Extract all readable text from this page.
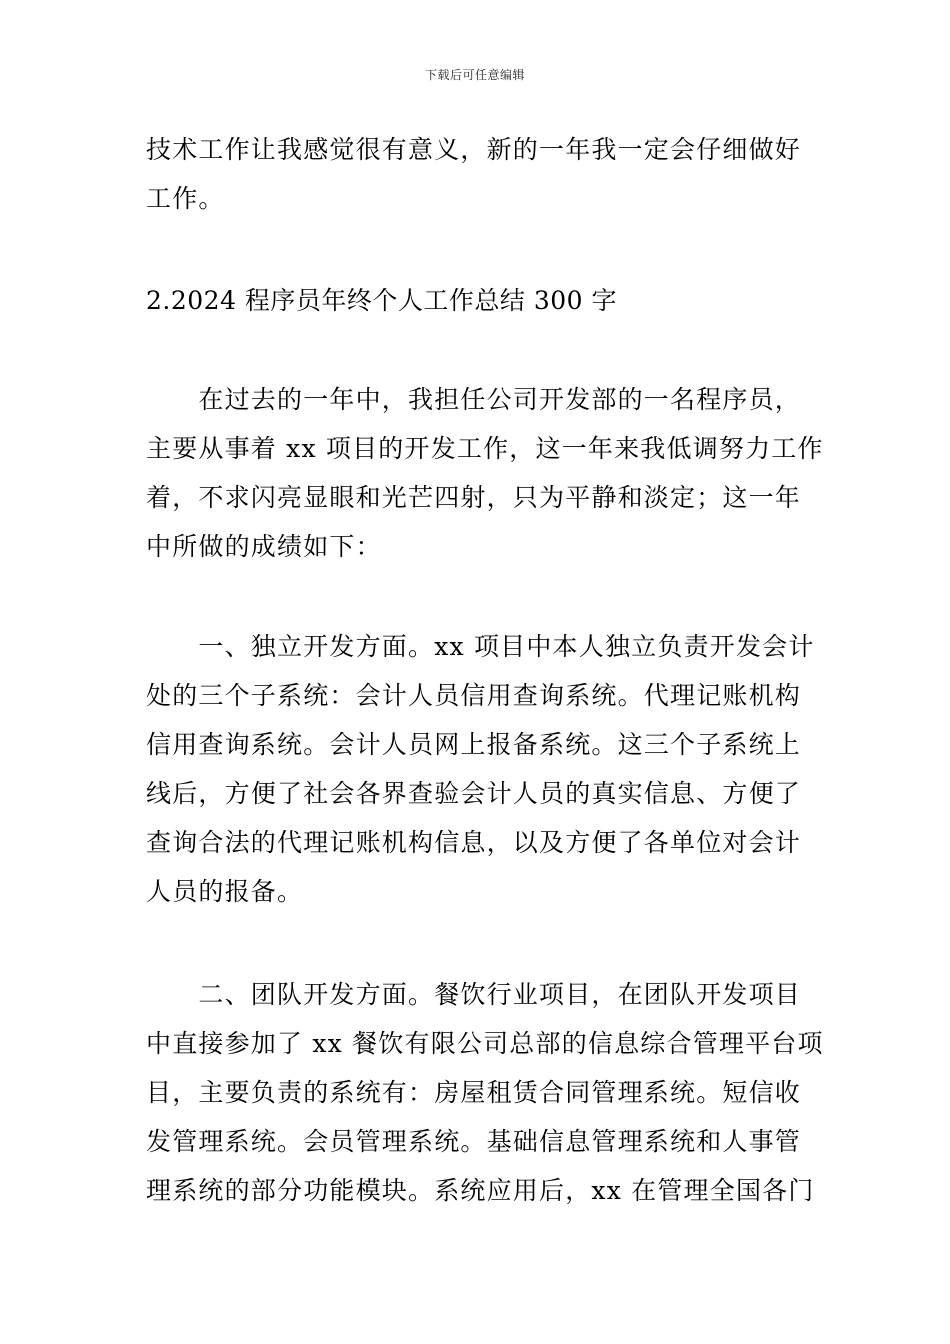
下载后可任意编辑
技术工作让我感觉很有意义，新的一年我一定会仔细做好
工作。
2.2024 程序员年终个人工作总结 300 字
　　在过去的一年中，我担任公司开发部的一名程序员，
主要从事着 xx 项目的开发工作，这一年来我低调努力工作
着，不求闪亮显眼和光芒四射，只为平静和淡定；这一年
中所做的成绩如下：
　　一、独立开发方面。xx 项目中本人独立负责开发会计
处的三个子系统：会计人员信用查询系统。代理记账机构
信用查询系统。会计人员网上报备系统。这三个子系统上
线后，方便了社会各界查验会计人员的真实信息、方便了
查询合法的代理记账机构信息，以及方便了各单位对会计
人员的报备。
　　二、团队开发方面。餐饮行业项目，在团队开发项目
中直接参加了 xx 餐饮有限公司总部的信息综合管理平台项
目，主要负责的系统有：房屋租赁合同管理系统。短信收
发管理系统。会员管理系统。基础信息管理系统和人事管
理系统的部分功能模块。系统应用后，xx 在管理全国各门
